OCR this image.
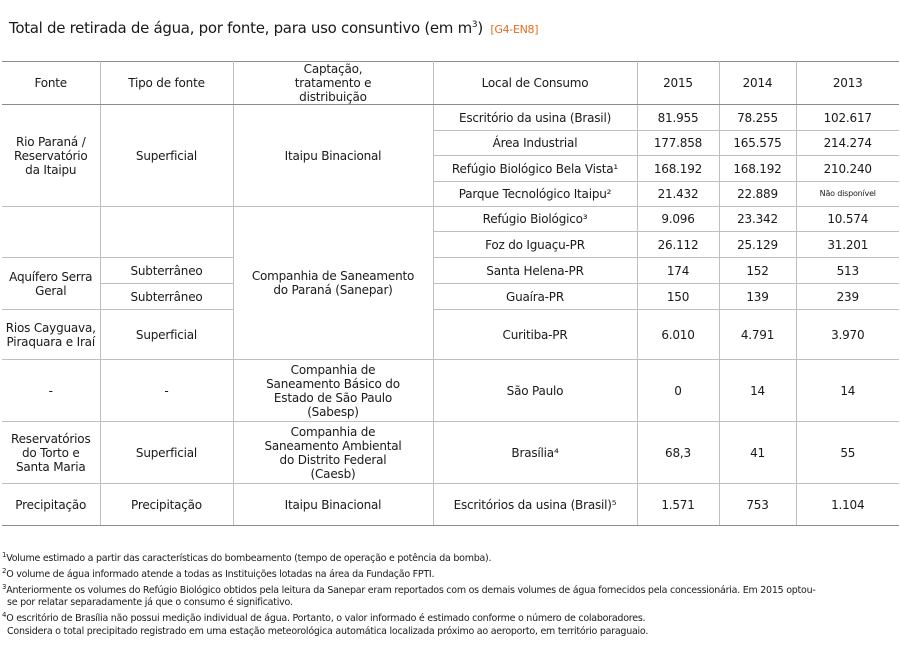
Total de retirada de água, por fonte, para uso consuntivo (em $m^3$) [G4-EN8]
Fonte	Tipo de fonte	Captação, tratamento e distribuição	Local de Consumo	2015	2014	2013
Rio Paraná / Reservatório da Itaipu	Superficial	Itaipu Binacional	Escritório da usina (Brasil)	81.955	78.255	102.617
			Área Industrial	177.858	165.575	214.274
			Refúgio Biológico Bela Vista¹	168.192	168.192	210.240
			Parque Tecnológico Itaipu²	21.432	22.889	Não disponível
		Companhia de Saneamento do Paraná (Sanepar)	Refúgio Biológico³	9.096	23.342	10.574
			Foz do Iguaçu-PR	26.112	25.129	31.201
Aquífero Serra Geral	Subterrâneo		Santa Helena-PR	174	152	513
	Subterrâneo		Guaíra-PR	150	139	239
Rios Cayguava, Piraquara e Iraí	Superficial		Curitiba-PR	6.010	4.791	3.970
-	-	Companhia de Saneamento Básico do Estado de São Paulo (Sabesp)	São Paulo	0	14	14
Reservatórios do Torto e Santa Maria	Superficial	Companhia de Saneamento Ambiental do Distrito Federal (Caesb)	Brasília⁴	68,3	41	55
Precipitação	Precipitação	Itaipu Binacional	Escritórios da usina (Brasil)⁵	1.571	753	1.104
$^1$Volume estimado a partir das características do bombeamento (tempo de operação e potência da bomba).
$^2$O volume de água informado atende a todas as Instituições lotadas na área da Fundação FPTI.
$^3$Anteriormente os volumes do Refúgio Biológico obtidos pela leitura da Sanepar eram reportados com os demais volumes de água fornecidos pela concessionária. Em 2015 optou-
se por relatar separadamente já que o consumo é significativo.
$^4$O escritório de Brasília não possui medição individual de água. Portanto, o valor informado é estimado conforme o número de colaboradores.
Considera o total precipitado registrado em uma estação meteorológica automática localizada próximo ao aeroporto, em território paraguaio.
